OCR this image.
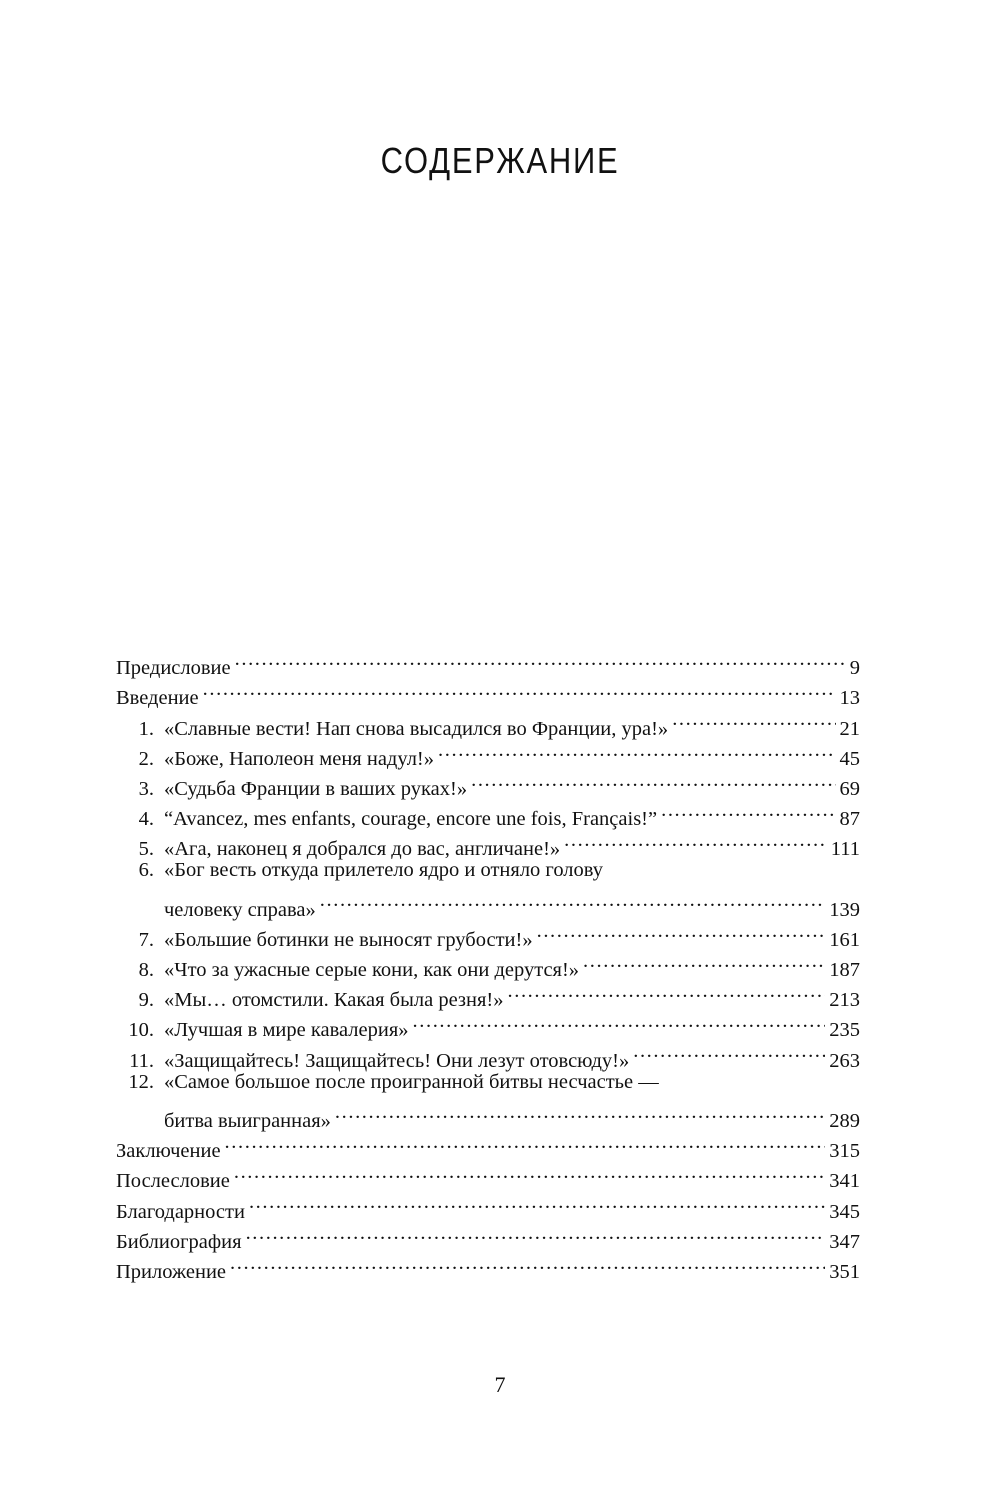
СОДЕРЖАНИЕ
Предисловие .....	9
Введение .....	13
1. «Славные вести! Нап снова высадился во Франции, ура!» .....	21
2. «Боже, Наполеон меня надул!» .....	45
3. «Судьба Франции в ваших руках!» .....	69
4. “Avancez, mes enfants, courage, encore une fois, Français!” .....	87
5. «Ага, наконец я добрался до вас, англичане!» .....	111
6. «Бог весть откуда прилетело ядро и отняло голову
человеку справа» .....	139
7. «Большие ботинки не выносят грубости!» .....	161
8. «Что за ужасные серые кони, как они дерутся!» .....	187
9. «Мы… отомстили. Какая была резня!» .....	213
10. «Лучшая в мире кавалерия» .....	235
11. «Защищайтесь! Защищайтесь! Они лезут отовсюду!» .....	263
12. «Самое большое после проигранной битвы несчастье —
битва выигранная» .....	289
Заключение .....	315
Послесловие .....	341
Благодарности .....	345
Библиография .....	347
Приложение .....	351
7
